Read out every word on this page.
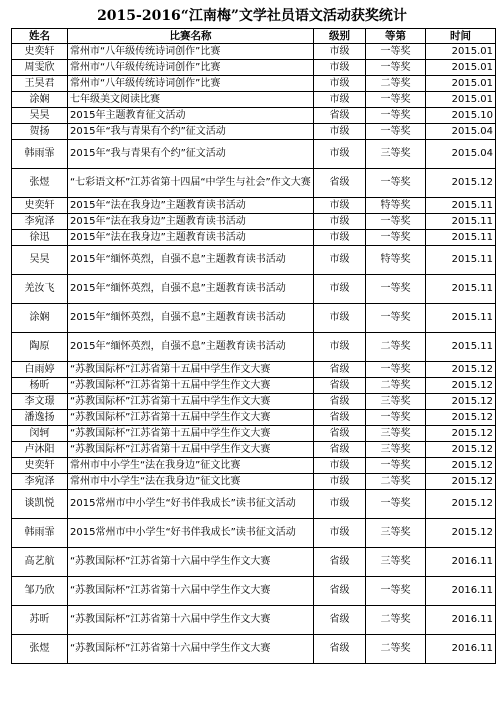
2015-2016“江南梅”文学社员语文活动获奖统计
姓名	比赛名称	级别	等第	时间
史奕轩	常州市“八年级传统诗词创作”比赛	市级	一等奖	2015.01
周雯欣	常州市“八年级传统诗词创作”比赛	市级	一等奖	2015.01
王昊君	常州市“八年级传统诗词创作”比赛	市级	二等奖	2015.01
涂娴	七年级美文阅读比赛	市级	一等奖	2015.01
吴昊	2015年主题教育征文活动	省级	一等奖	2015.10
贺扬	2015年“我与青果有个约”征文活动	市级	一等奖	2015.04
韩雨霏	2015年“我与青果有个约”征文活动	市级	三等奖	2015.04
张煜	“七彩语文杯”江苏省第十四届“中学生与社会”作文大赛	省级	一等奖	2015.12
史奕轩	2015年“法在我身边”主题教育读书活动	市级	特等奖	2015.11
李宛泽	2015年“法在我身边”主题教育读书活动	市级	一等奖	2015.11
徐迅	2015年“法在我身边”主题教育读书活动	市级	一等奖	2015.11
吴昊	2015年“缅怀英烈，自强不息”主题教育读书活动	市级	特等奖	2015.11
羌汝飞	2015年“缅怀英烈，自强不息”主题教育读书活动	市级	一等奖	2015.11
涂娴	2015年“缅怀英烈，自强不息”主题教育读书活动	市级	一等奖	2015.11
陶原	2015年“缅怀英烈，自强不息”主题教育读书活动	市级	二等奖	2015.11
白雨婷	“苏教国际杯”江苏省第十五届中学生作文大赛	省级	一等奖	2015.12
杨昕	“苏教国际杯”江苏省第十五届中学生作文大赛	省级	二等奖	2015.12
李文璟	“苏教国际杯”江苏省第十五届中学生作文大赛	省级	三等奖	2015.12
潘逸扬	“苏教国际杯”江苏省第十五届中学生作文大赛	省级	一等奖	2015.12
闵轲	“苏教国际杯”江苏省第十五届中学生作文大赛	省级	三等奖	2015.12
卢沐阳	“苏教国际杯”江苏省第十五届中学生作文大赛	省级	三等奖	2015.12
史奕轩	常州市中小学生“法在我身边”征文比赛	市级	一等奖	2015.12
李宛泽	常州市中小学生“法在我身边”征文比赛	市级	二等奖	2015.12
谈凯悦	2015常州市中小学生“好书伴我成长”读书征文活动	市级	一等奖	2015.12
韩雨霏	2015常州市中小学生“好书伴我成长”读书征文活动	市级	三等奖	2015.12
高艺航	“苏教国际杯”江苏省第十六届中学生作文大赛	省级	三等奖	2016.11
邹乃欣	“苏教国际杯”江苏省第十六届中学生作文大赛	省级	一等奖	2016.11
苏昕	“苏教国际杯”江苏省第十六届中学生作文大赛	省级	二等奖	2016.11
张煜	“苏教国际杯”江苏省第十六届中学生作文大赛	省级	二等奖	2016.11
